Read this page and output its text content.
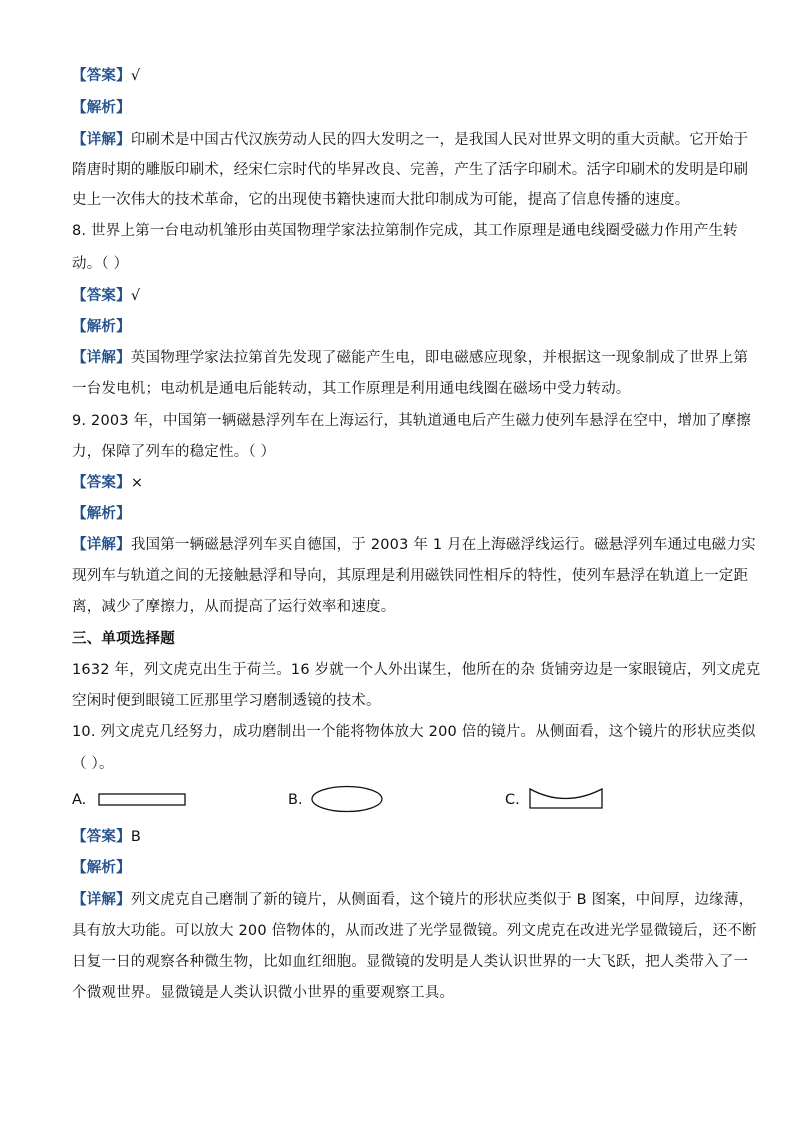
【答案】√
【解析】
【详解】印刷术是中国古代汉族劳动人民的四大发明之一，是我国人民对世界文明的重大贡献。它开始于
隋唐时期的雕版印刷术，经宋仁宗时代的毕昇改良、完善，产生了活字印刷术。活字印刷术的发明是印刷
史上一次伟大的技术革命，它的出现使书籍快速而大批印制成为可能，提高了信息传播的速度。
8. 世界上第一台电动机雏形由英国物理学家法拉第制作完成，其工作原理是通电线圈受磁力作用产生转
动。（ ）
【答案】√
【解析】
【详解】英国物理学家法拉第首先发现了磁能产生电，即电磁感应现象，并根据这一现象制成了世界上第
一台发电机；电动机是通电后能转动，其工作原理是利用通电线圈在磁场中受力转动。
9. 2003 年，中国第一辆磁悬浮列车在上海运行，其轨道通电后产生磁力使列车悬浮在空中，增加了摩擦
力，保障了列车的稳定性。（ ）
【答案】×
【解析】
【详解】我国第一辆磁悬浮列车买自德国，于 2003 年 1 月在上海磁浮线运行。磁悬浮列车通过电磁力实
现列车与轨道之间的无接触悬浮和导向，其原理是利用磁铁同性相斥的特性，使列车悬浮在轨道上一定距
离，减少了摩擦力，从而提高了运行效率和速度。
三、单项选择题
1632 年，列文虎克出生于荷兰。16 岁就一个人外出谋生，他所在的杂 货铺旁边是一家眼镜店，列文虎克
空闲时便到眼镜工匠那里学习磨制透镜的技术。
10. 列文虎克几经努力，成功磨制出一个能将物体放大 200 倍的镜片。从侧面看，这个镜片的形状应类似
（ ）。
A.	B.	C.
【答案】B
【解析】
【详解】列文虎克自己磨制了新的镜片，从侧面看，这个镜片的形状应类似于 B 图案，中间厚，边缘薄，
具有放大功能。可以放大 200 倍物体的，从而改进了光学显微镜。列文虎克在改进光学显微镜后，还不断
日复一日的观察各种微生物，比如血红细胞。显微镜的发明是人类认识世界的一大飞跃，把人类带入了一
个微观世界。显微镜是人类认识微小世界的重要观察工具。
